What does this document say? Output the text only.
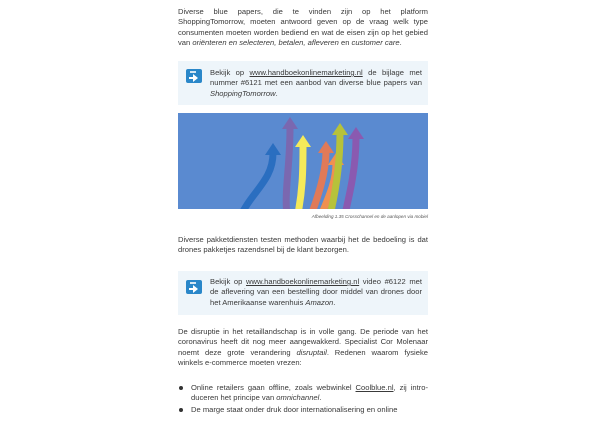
Diverse blue papers, die te vinden zijn op het platform ShoppingTomorrow, moeten antwoord geven op de vraag welk type consumenten moeten worden bediend en wat de eisen zijn op het gebied van oriënteren en selecteren, betalen, afleveren en customer care.

Bekijk op www.handboekonlinemarketing.nl de bijlage met nummer #6121 met een aanbod van diverse blue papers van ShoppingTomorrow.
Afbeelding 1.35 Crosschannel en de aanlopen via mobiel

Diverse pakketdiensten testen methoden waarbij het de bedoeling is dat drones pakketjes razendsnel bij de klant bezorgen.

Bekijk op www.handboekonlinemarketing.nl video #6122 met de aflevering van een bestelling door middel van drones door het Amerikaanse warenhuis Amazon.

De disruptie in het retaillandschap is in volle gang. De periode van het coronavirus heeft dit nog meer aangewakkerd. Specialist Cor Molenaar noemt deze grote verandering disruptail. Redenen waarom fysieke winkels e-commerce moeten vrezen:

Online retailers gaan offline, zoals webwinkel Coolblue.nl, zij introduceren het principe van omnichannel.
De marge staat onder druk door internationalisering en online
